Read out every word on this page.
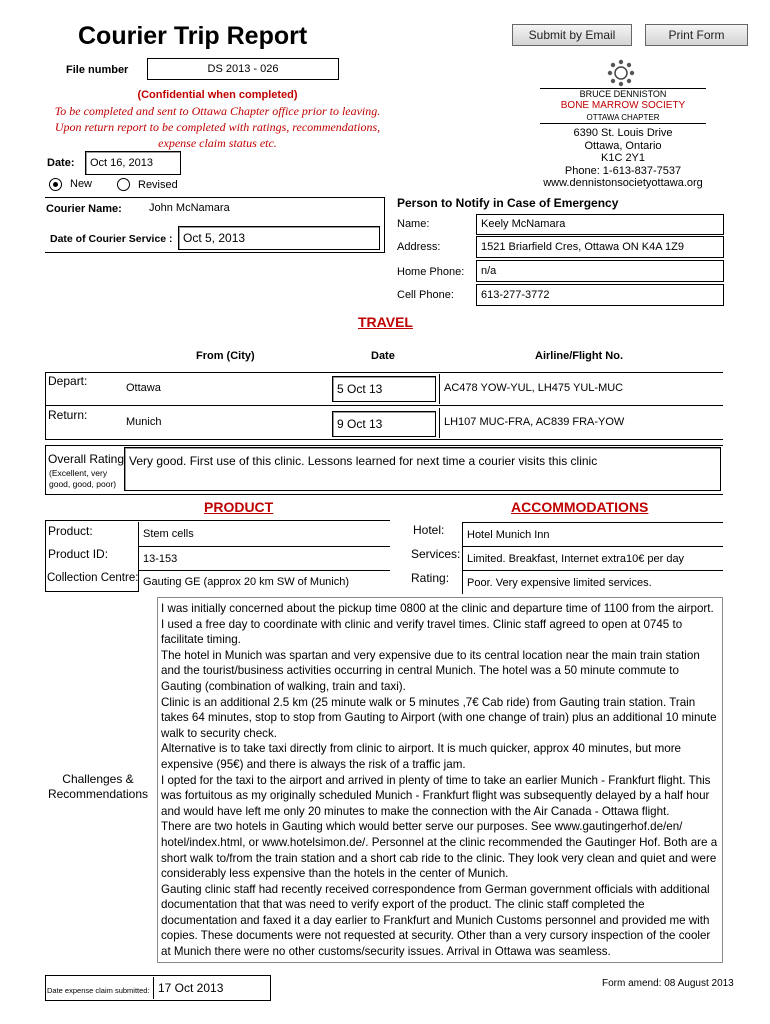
Courier Trip Report	Submit by Email	Print Form
File number	DS 2013 - 026
(Confidential when completed)
To be completed and sent to Ottawa Chapter office prior to leaving.
Upon return report to be completed with ratings, recommendations,
expense claim status etc.
Date:	Oct 16, 2013
New	Revised
BRUCE DENNISTON
BONE MARROW SOCIETY
OTTAWA CHAPTER
6390 St. Louis Drive
Ottawa, Ontario
K1C 2Y1
Phone: 1-613-837-7537
www.dennistonsocietyottawa.org
Courier Name:	John McNamara
Date of Courier Service : Oct 5, 2013
Person to Notify in Case of Emergency
Name:	Keely McNamara
Address:	1521 Briarfield Cres, Ottawa ON K4A 1Z9
Home Phone:	n/a
Cell Phone:	613-277-3772
TRAVEL
From (City)	Date	Airline/Flight No.
Depart:	Ottawa	5 Oct 13	AC478 YOW-YUL, LH475 YUL-MUC
Return:	Munich	9 Oct 13	LH107 MUC-FRA, AC839 FRA-YOW
Overall Rating
(Excellent, very
good, good, poor)
Very good. First use of this clinic. Lessons learned for next time a courier visits this clinic
PRODUCT
Product:	Stem cells
Product ID:	13-153
Collection Centre: Gauting GE (approx 20 km SW of Munich)
ACCOMMODATIONS
Hotel:	Hotel Munich Inn
Services: Limited. Breakfast, Internet extra10€ per day
Rating:	Poor. Very expensive limited services.
Challenges &
Recommendations

I was initially concerned about the pickup time 0800 at the clinic and departure time of 1100 from the airport. I used a free day to coordinate with clinic and verify travel times. Clinic staff agreed to open at 0745 to facilitate timing.

The hotel in Munich was spartan and very expensive due to its central location near the main train station and the tourist/business activities occurring in central Munich. The hotel was a 50 minute commute to Gauting (combination of walking, train and taxi).

Clinic is an additional 2.5 km (25 minute walk or 5 minutes ,7€ Cab ride) from Gauting train station. Train takes 64 minutes, stop to stop from Gauting to Airport (with one change of train) plus an additional 10 minute walk to security check.

Alternative is to take taxi directly from clinic to airport. It is much quicker, approx 40 minutes, but more expensive (95€) and there is always the risk of a traffic jam.

I opted for the taxi to the airport and arrived in plenty of time to take an earlier Munich - Frankfurt flight. This was fortuitous as my originally scheduled Munich - Frankfurt flight was subsequently delayed by a half hour and would have left me only 20 minutes to make the connection with the Air Canada - Ottawa flight.

There are two hotels in Gauting which would better serve our purposes. See www.gautingerhof.de/en/ hotel/index.html, or www.hotelsimon.de/. Personnel at the clinic recommended the Gautinger Hof. Both are a short walk to/from the train station and a short cab ride to the clinic. They look very clean and quiet and were considerably less expensive than the hotels in the center of Munich.

Gauting clinic staff had recently received correspondence from German government officials with additional documentation that that was need to verify export of the product. The clinic staff completed the documentation and faxed it a day earlier to Frankfurt and Munich Customs personnel and provided me with copies. These documents were not requested at security. Other than a very cursory inspection of the cooler at Munich there were no other customs/security issues. Arrival in Ottawa was seamless.

Date expense claim submitted: 17 Oct 2013	Form amend: 08 August 2013
